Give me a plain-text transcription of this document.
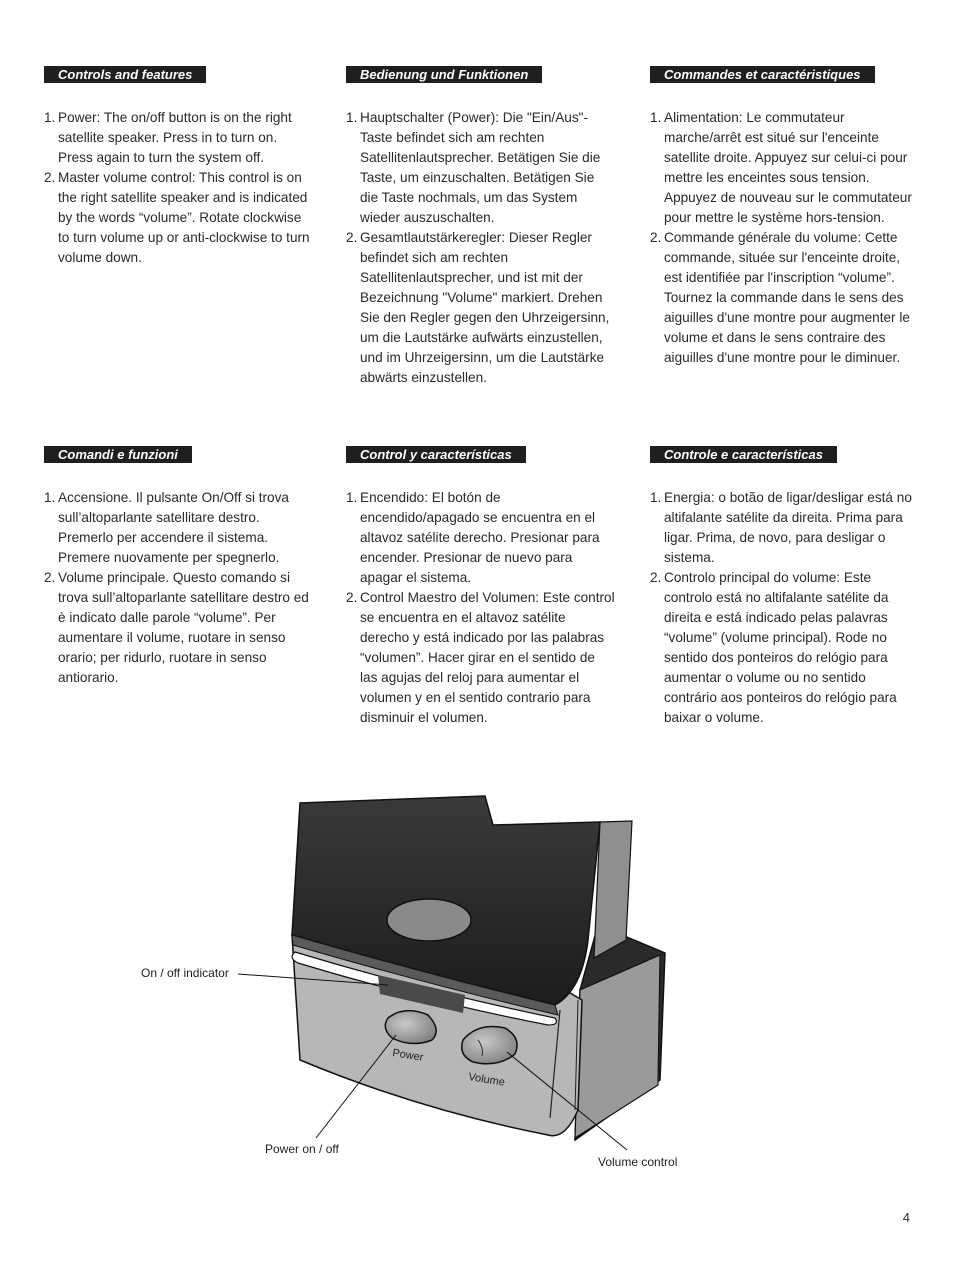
Controls and features
1. Power: The on/off button is on the right satellite speaker. Press in to turn on. Press again to turn the system off.
2. Master volume control: This control is on the right satellite speaker and is indicated by the words “volume”. Rotate clockwise to turn volume up or anti-clockwise to turn volume down.
Bedienung und Funktionen
1. Hauptschalter (Power): Die "Ein/Aus"-Taste befindet sich am rechten Satellitenlautsprecher. Betätigen Sie die Taste, um einzuschalten. Betätigen Sie die Taste nochmals, um das System wieder auszuschalten.
2. Gesamtlautstärkeregler: Dieser Regler befindet sich am rechten Satellitenlautsprecher, und ist mit der Bezeichnung "Volume" markiert. Drehen Sie den Regler gegen den Uhrzeigersinn, um die Lautstärke aufwärts einzustellen, und im Uhrzeigersinn, um die Lautstärke abwärts einzustellen.
Commandes et caractéristiques
1. Alimentation: Le commutateur marche/arrêt est situé sur l'enceinte satellite droite. Appuyez sur celui-ci pour mettre les enceintes sous tension. Appuyez de nouveau sur le commutateur pour mettre le système hors-tension.
2. Commande générale du volume: Cette commande, située sur l'enceinte droite, est identifiée par l'inscription “volume”. Tournez la commande dans le sens des aiguilles d'une montre pour augmenter le volume et dans le sens contraire des aiguilles d'une montre pour le diminuer.
Comandi e funzioni
1. Accensione. Il pulsante On/Off si trova sull’altoparlante satellitare destro. Premerlo per accendere il sistema. Premere nuovamente per spegnerlo.
2. Volume principale. Questo comando si trova sull’altoparlante satellitare destro ed è indicato dalle parole “volume”. Per aumentare il volume, ruotare in senso orario; per ridurlo, ruotare in senso antiorario.
Control y características
1. Encendido: El botón de encendido/apagado se encuentra en el altavoz satélite derecho. Presionar para encender. Presionar de nuevo para apagar el sistema.
2. Control Maestro del Volumen: Este control se encuentra en el altavoz satélite derecho y está indicado por las palabras “volumen”. Hacer girar en el sentido de las agujas del reloj para aumentar el volumen y en el sentido contrario para disminuir el volumen.
Controle e características
1. Energia: o botão de ligar/desligar está no altifalante satélite da direita. Prima para ligar. Prima, de novo, para desligar o sistema.
2. Controlo principal do volume: Este controlo está no altifalante satélite da direita e está indicado pelas palavras “volume” (volume principal). Rode no sentido dos ponteiros do relógio para aumentar o volume ou no sentido contrário aos ponteiros do relógio para baixar o volume.
Power
Volume
On / off indicator
Power on / off
Volume control
4
